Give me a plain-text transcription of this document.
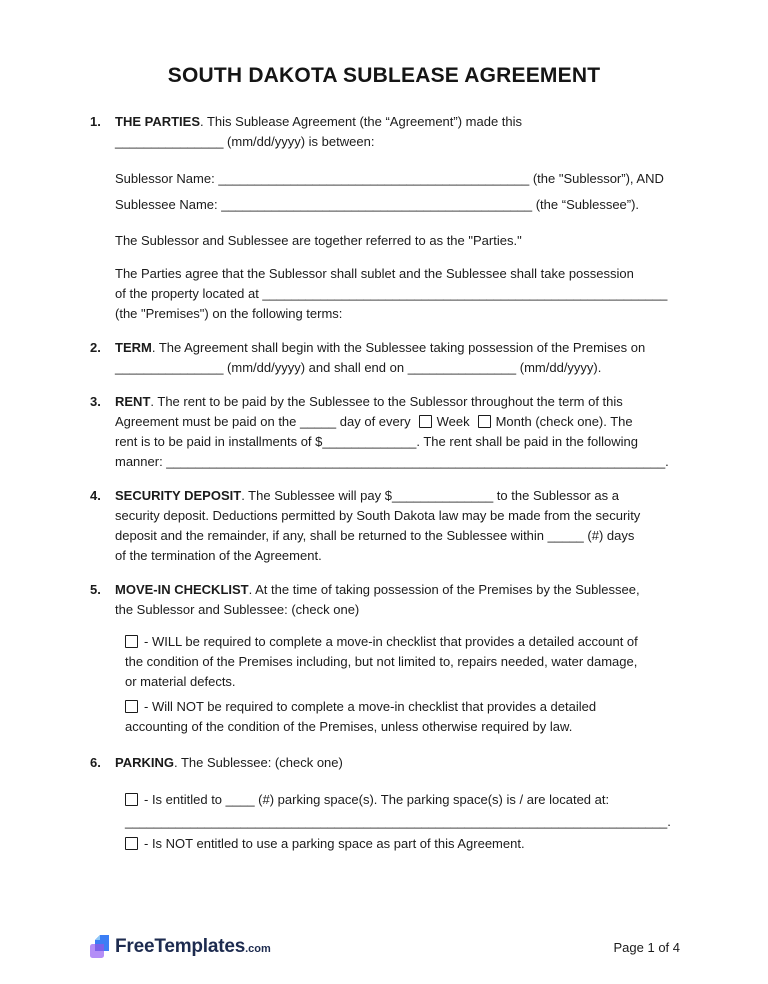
SOUTH DAKOTA SUBLEASE AGREEMENT
1.	THE PARTIES. This Sublease Agreement (the “Agreement”) made this
_______________ (mm/dd/yyyy) is between:
Sublessor Name: ___________________________________________ (the "Sublessor”), AND
Sublessee Name: ___________________________________________ (the “Sublessee”).
The Sublessor and Sublessee are together referred to as the "Parties."
The Parties agree that the Sublessor shall sublet and the Sublessee shall take possession
of the property located at ________________________________________________________
(the "Premises") on the following terms:
2.	TERM. The Agreement shall begin with the Sublessee taking possession of the Premises on
_______________ (mm/dd/yyyy) and shall end on _______________ (mm/dd/yyyy).
3.	RENT. The rent to be paid by the Sublessee to the Sublessor throughout the term of this
Agreement must be paid on the _____ day of every Week Month (check one). The
rent is to be paid in installments of $_____________. The rent shall be paid in the following
manner: _____________________________________________________________________.
4.	SECURITY DEPOSIT. The Sublessee will pay $______________ to the Sublessor as a
security deposit. Deductions permitted by South Dakota law may be made from the security
deposit and the remainder, if any, shall be returned to the Sublessee within _____ (#) days
of the termination of the Agreement.
5.	MOVE-IN CHECKLIST. At the time of taking possession of the Premises by the Sublessee,
the Sublessor and Sublessee: (check one)
- WILL be required to complete a move-in checklist that provides a detailed account of
the condition of the Premises including, but not limited to, repairs needed, water damage,
or material defects.
- Will NOT be required to complete a move-in checklist that provides a detailed
accounting of the condition of the Premises, unless otherwise required by law.
6.	PARKING. The Sublessee: (check one)
- Is entitled to ____ (#) parking space(s). The parking space(s) is / are located at:
___________________________________________________________________________.
- Is NOT entitled to use a parking space as part of this Agreement.
FreeTemplates .com	Page 1 of 4
